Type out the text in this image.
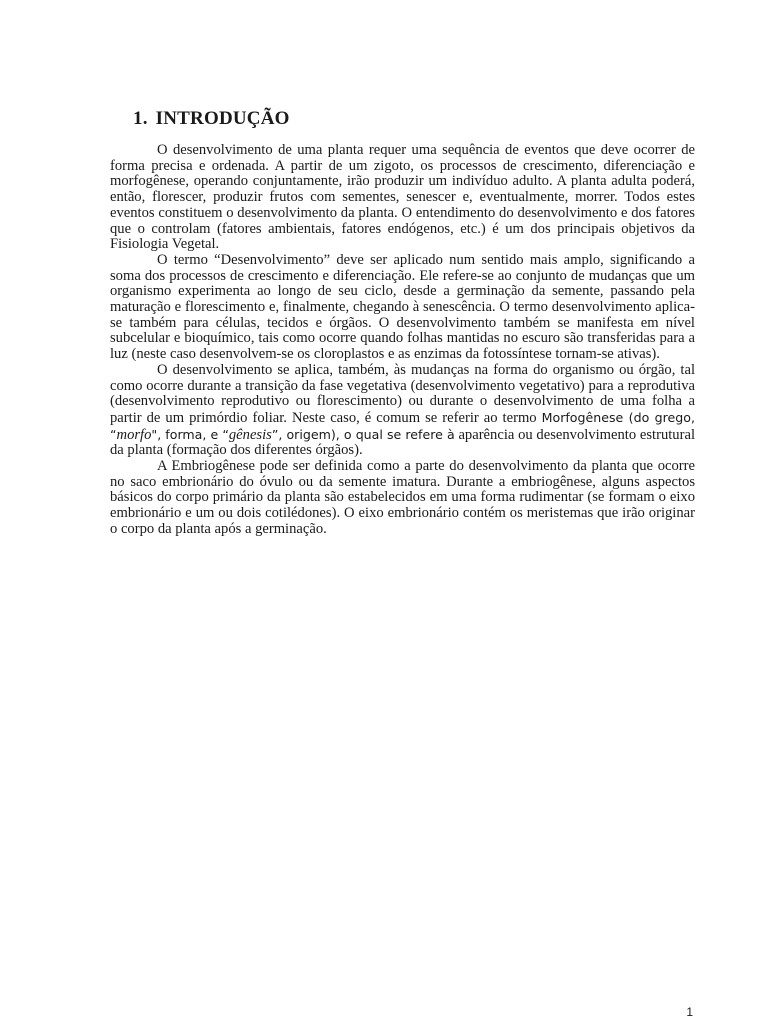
1. INTRODUÇÃO

O desenvolvimento de uma planta requer uma sequência de eventos que deve ocorrer de forma precisa e ordenada. A partir de um zigoto, os processos de crescimento, diferenciação e morfogênese, operando conjuntamente, irão produzir um indivíduo adulto. A planta adulta poderá, então, florescer, produzir frutos com sementes, senescer e, eventualmente, morrer. Todos estes eventos constituem o desenvolvimento da planta. O entendimento do desenvolvimento e dos fatores que o controlam (fatores ambientais, fatores endógenos, etc.) é um dos principais objetivos da Fisiologia Vegetal.

O termo “Desenvolvimento” deve ser aplicado num sentido mais amplo, significando a soma dos processos de crescimento e diferenciação. Ele refere-se ao conjunto de mudanças que um organismo experimenta ao longo de seu ciclo, desde a germinação da semente, passando pela maturação e florescimento e, finalmente, chegando à senescência. O termo desenvolvimento aplica-se também para células, tecidos e órgãos. O desenvolvimento também se manifesta em nível subcelular e bioquímico, tais como ocorre quando folhas mantidas no escuro são transferidas para a luz (neste caso desenvolvem-se os cloroplastos e as enzimas da fotossíntese tornam-se ativas).

O desenvolvimento se aplica, também, às mudanças na forma do organismo ou órgão, tal como ocorre durante a transição da fase vegetativa (desenvolvimento vegetativo) para a reprodutiva (desenvolvimento reprodutivo ou florescimento) ou durante o desenvolvimento de uma folha a partir de um primórdio foliar. Neste caso, é comum se referir ao termo Morfogênese (do grego, “morfo", forma, e “gênesis”, origem), o qual se refere à aparência ou desenvolvimento estrutural da planta (formação dos diferentes órgãos).

A Embriogênese pode ser definida como a parte do desenvolvimento da planta que ocorre no saco embrionário do óvulo ou da semente imatura. Durante a embriogênese, alguns aspectos básicos do corpo primário da planta são estabelecidos em uma forma rudimentar (se formam o eixo embrionário e um ou dois cotilédones). O eixo embrionário contém os meristemas que irão originar o corpo da planta após a germinação.

1
